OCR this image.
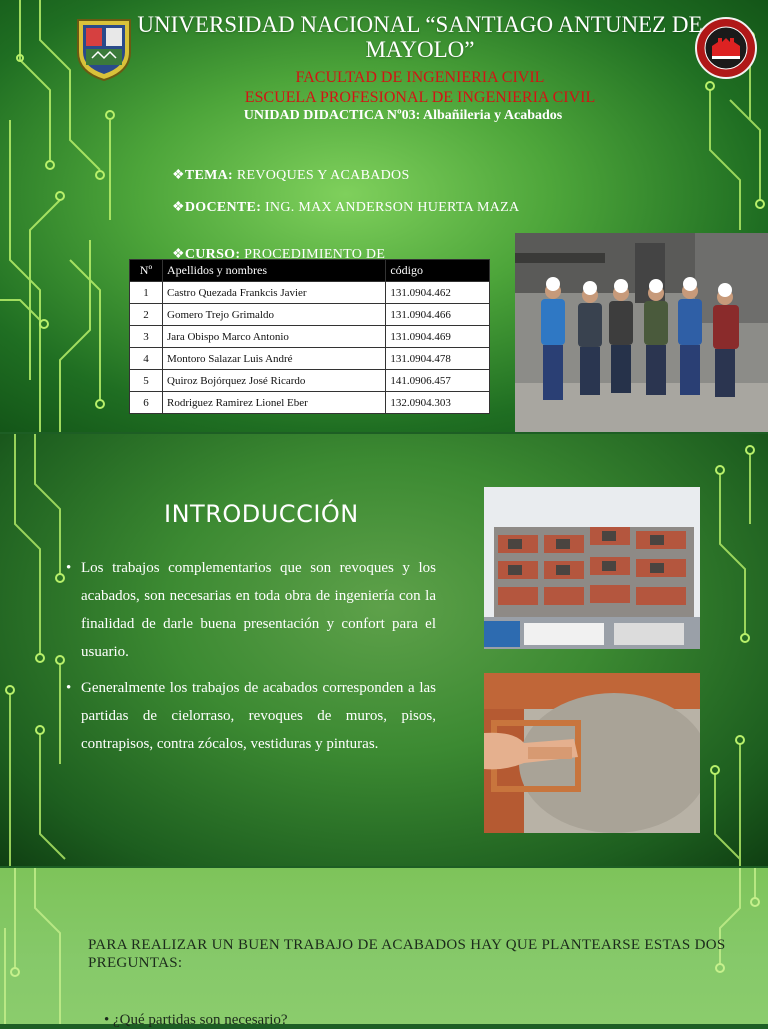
UNIVERSIDAD NACIONAL “SANTIAGO ANTUNEZ DE MAYOLO”
FACULTAD DE INGENIERIA CIVIL
ESCUELA PROFESIONAL DE INGENIERIA CIVIL
UNIDAD DIDACTICA Nº03: Albañileria y Acabados
❖TEMA: REVOQUES Y ACABADOS
❖DOCENTE: ING. MAX ANDERSON HUERTA MAZA
❖CURSO: PROCEDIMIENTO DE
Nº	Apellidos y nombres	código
1	Castro Quezada Frankcis Javier	131.0904.462
2	Gomero Trejo Grimaldo	131.0904.466
3	Jara Obispo Marco Antonio	131.0904.469
4	Montoro Salazar Luis André	131.0904.478
5	Quiroz Bojórquez José Ricardo	141.0906.457
6	Rodriguez Ramirez Lionel Eber	132.0904.303
INTRODUCCIÓN
• Los trabajos complementarios que son revoques y los acabados, son necesarias en toda obra de ingeniería con la finalidad de darle buena presentación y confort para el usuario.
• Generalmente los trabajos de acabados corresponden a las partidas de cielorraso, revoques de muros, pisos, contrapisos, contra zócalos, vestiduras y pinturas.
PARA REALIZAR UN BUEN TRABAJO DE ACABADOS HAY QUE PLANTEARSE ESTAS DOS PREGUNTAS:
• ¿Qué partidas son necesario?
